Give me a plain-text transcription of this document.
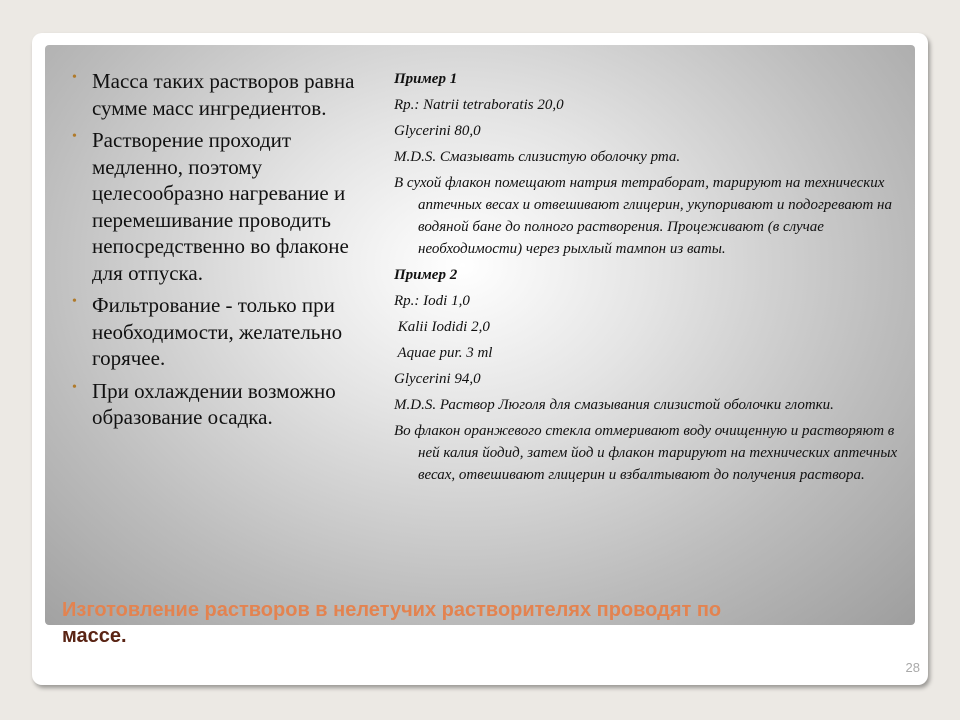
• Масса таких растворов равна сумме масс ингредиентов.
• Растворение проходит медленно, поэтому целесообразно нагревание и перемешивание проводить непосредственно во флаконе для отпуска.
• Фильтрование - только при необходимости, желательно горячее.
• При охлаждении возможно образование осадка.

Пример 1

Rp.: Natrii tetraboratis 20,0

Glycerini 80,0

M.D.S. Смазывать слизистую оболочку рта.

В сухой флакон помещают натрия тетраборат, тарируют на технических аптечных весах и отвешивают глицерин, укупоривают и подогревают на водяной бане до полного растворения. Процеживают (в случае необходимости) через рыхлый тампон из ваты.

Пример 2

Rp.: Iodi 1,0

Kalii Iodidi 2,0

Aquae pur. 3 ml

Glycerini 94,0

M.D.S. Раствор Люголя для смазывания слизистой оболочки глотки.

Во флакон оранжевого стекла отмеривают воду очищенную и растворяют в ней калия йодид, затем йод и флакон тарируют на технических аптечных весах, отвешивают глицерин и взбалтывают до получения раствора.

Изготовление растворов в нелетучих растворителях проводят по
массе.
28
